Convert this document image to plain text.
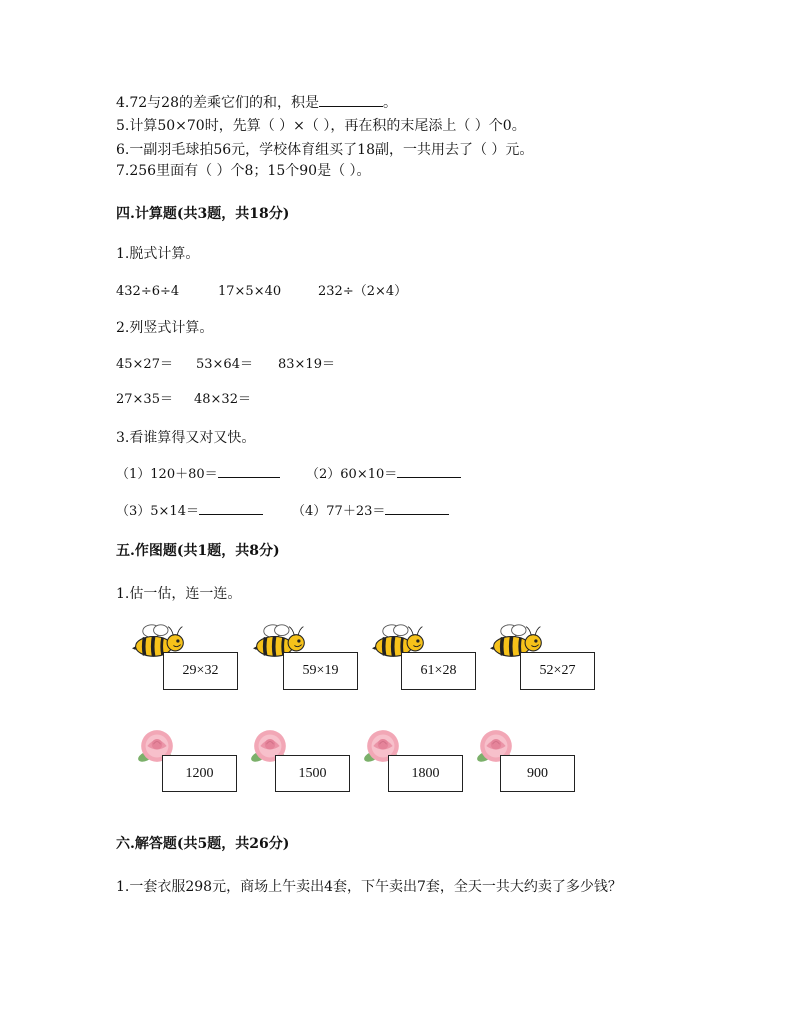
4.72与28的差乘它们的和，积是	。
5.计算50×70时，先算（ ）×（ ），再在积的末尾添上（ ）个0。
6.一副羽毛球拍56元，学校体育组买了18副，一共用去了（ ）元。
7.256里面有（ ）个8；15个90是（ ）。
四.计算题(共3题，共18分)
1.脱式计算。
432÷6÷4	17×5×40	232÷（2×4）
2.列竖式计算。
45×27＝ 53×64＝ 83×19＝
27×35＝ 48×32＝
3.看谁算得又对又快。
（1）120＋80＝	（2）60×10＝
（3）5×14＝	（4）77＋23＝
五.作图题(共1题，共8分)
1.估一估，连一连。
29×32	59×19	61×28	52×27
1200	1500	1800	900
六.解答题(共5题，共26分)
1.一套衣服298元，商场上午卖出4套，下午卖出7套，全天一共大约卖了多少钱？
